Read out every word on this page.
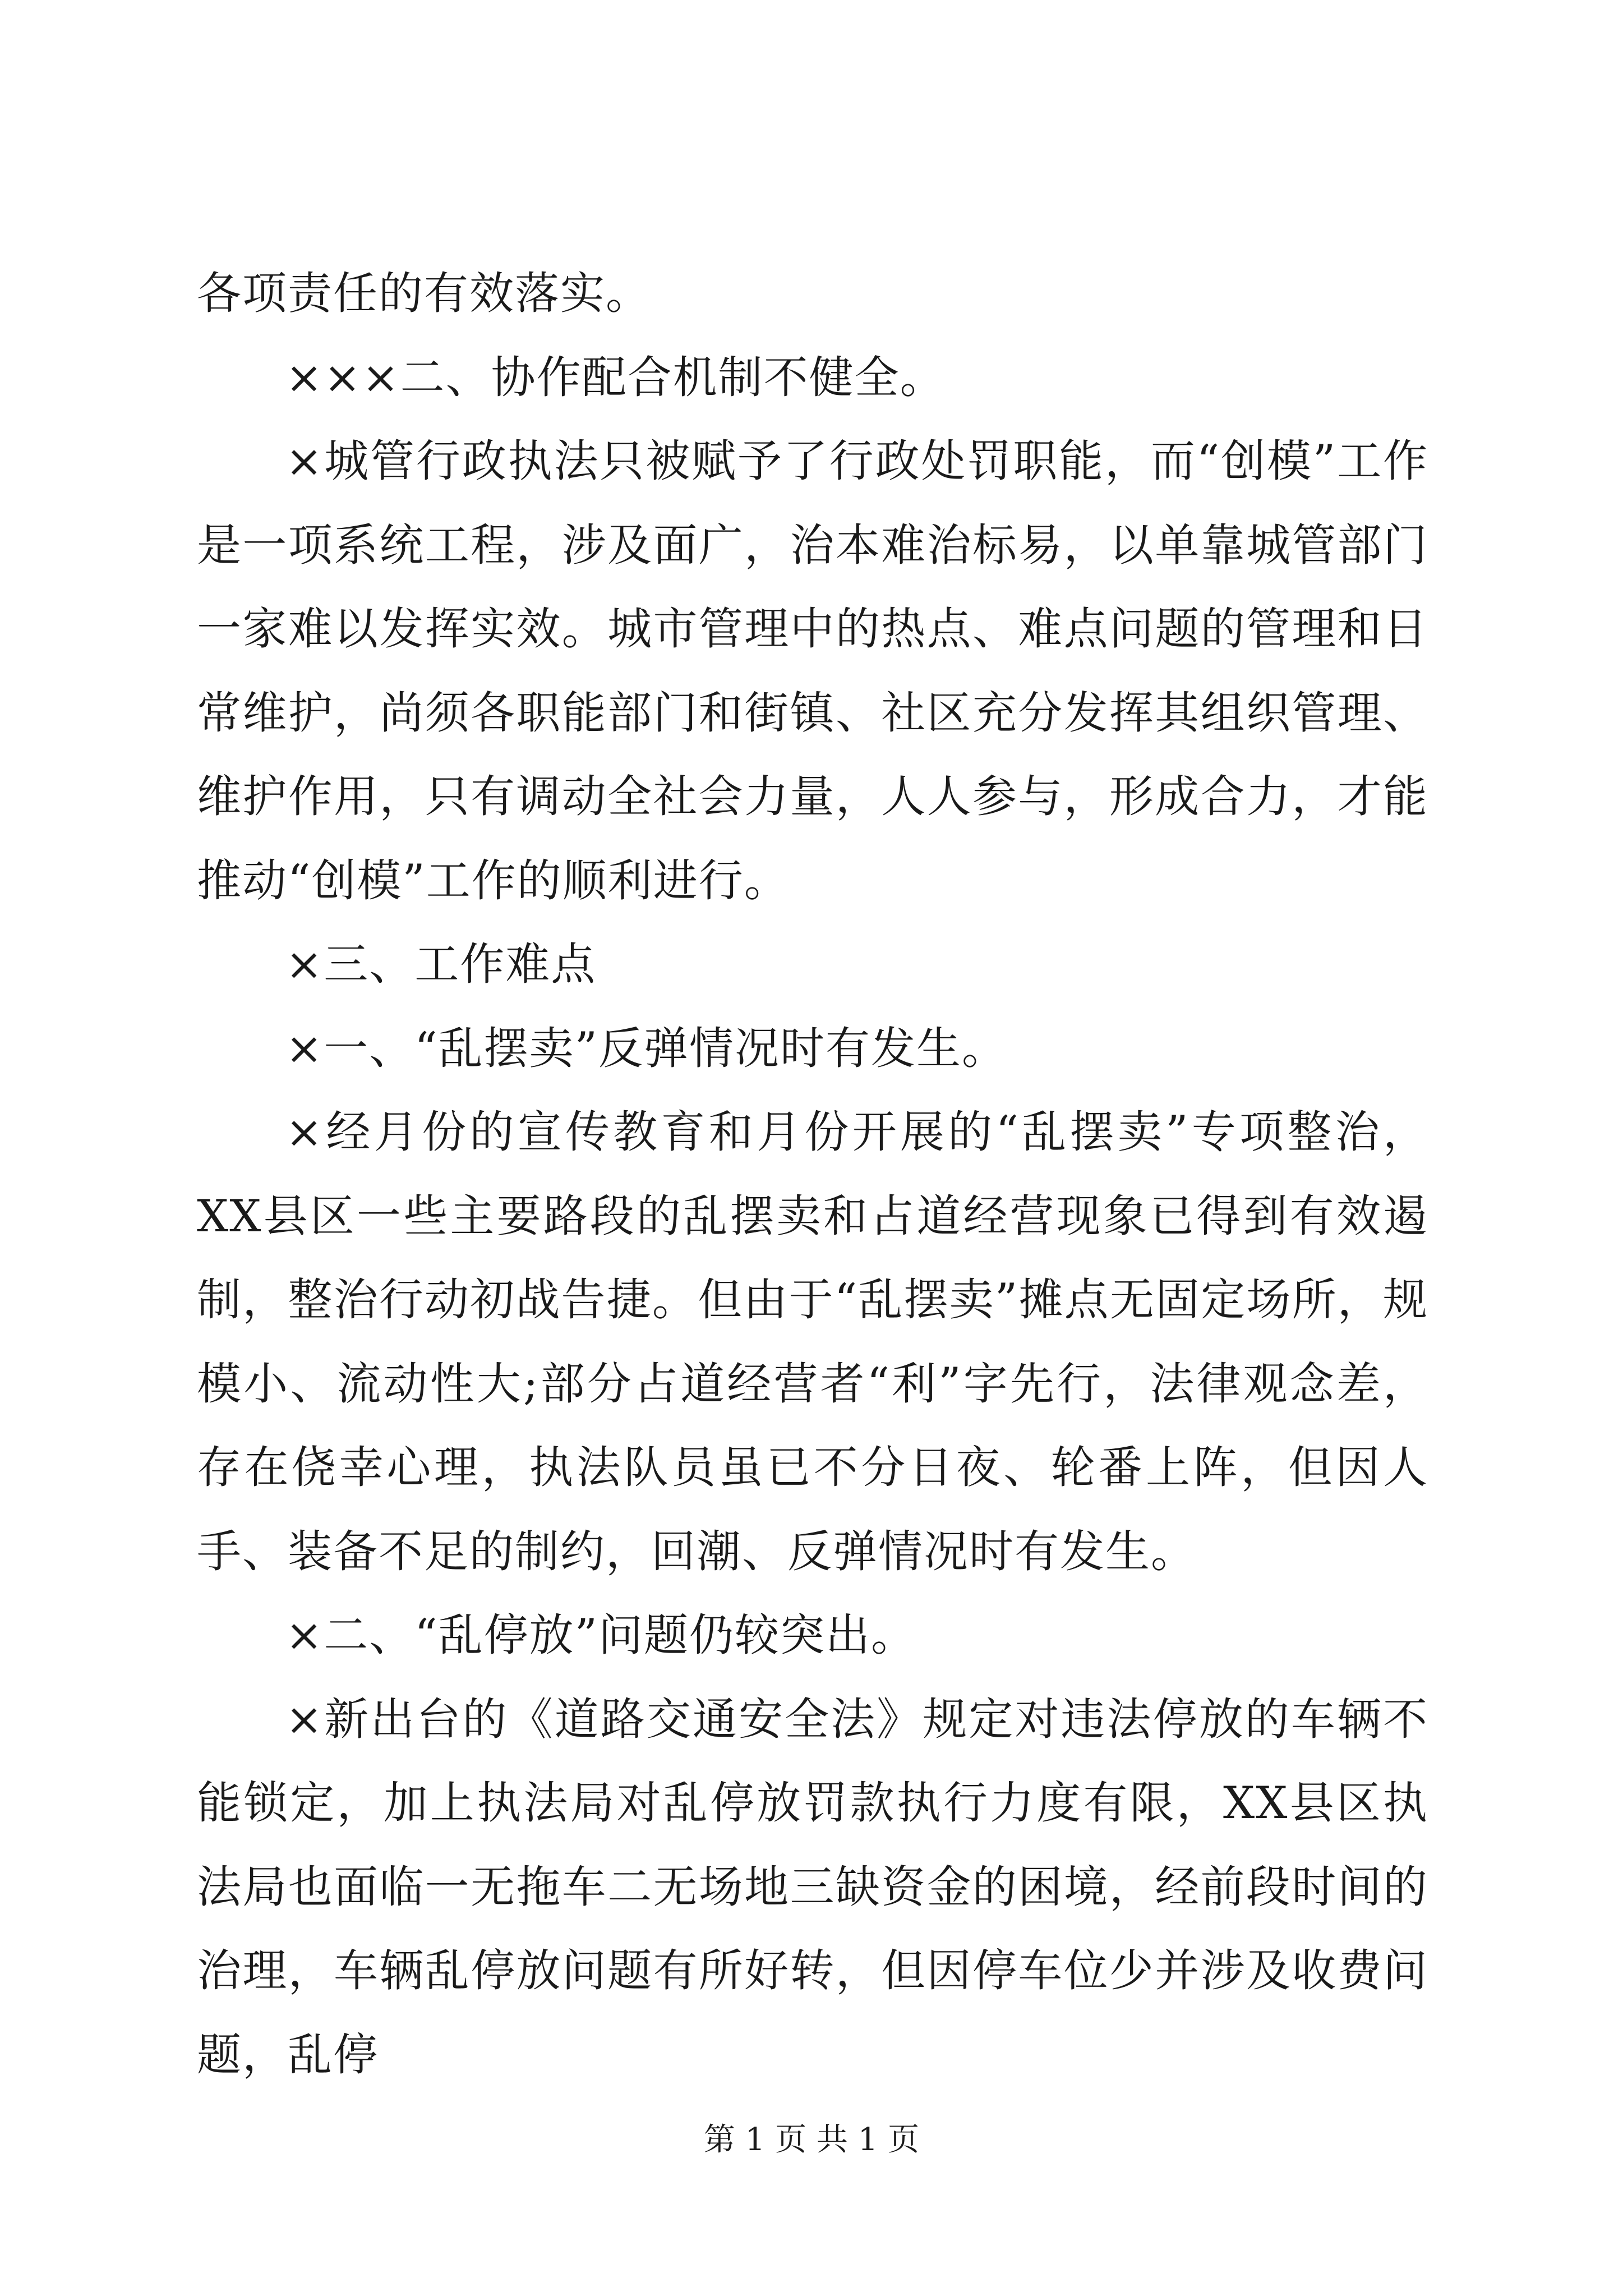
各项责任的有效落实。

×××二、协作配合机制不健全。

×城管行政执法只被赋予了行政处罚职能，而“创模”工作是一项系统工程，涉及面广，治本难治标易，以单靠城管部门一家难以发挥实效。城市管理中的热点、难点问题的管理和日常维护，尚须各职能部门和街镇、社区充分发挥其组织管理、维护作用，只有调动全社会力量，人人参与，形成合力，才能推动“创模”工作的顺利进行。

×三、工作难点

×一、“乱摆卖”反弹情况时有发生。

×经月份的宣传教育和月份开展的“乱摆卖”专项整治，XX县区一些主要路段的乱摆卖和占道经营现象已得到有效遏制，整治行动初战告捷。但由于“乱摆卖”摊点无固定场所，规模小、流动性大;部分占道经营者“利”字先行，法律观念差，存在侥幸心理，执法队员虽已不分日夜、轮番上阵，但因人手、装备不足的制约，回潮、反弹情况时有发生。

×二、“乱停放”问题仍较突出。

×新出台的《道路交通安全法》规定对违法停放的车辆不能锁定，加上执法局对乱停放罚款执行力度有限，XX县区执法局也面临一无拖车二无场地三缺资金的困境，经前段时间的治理，车辆乱停放问题有所好转，但因停车位少并涉及收费问题，乱停

第 1 页 共 1 页
